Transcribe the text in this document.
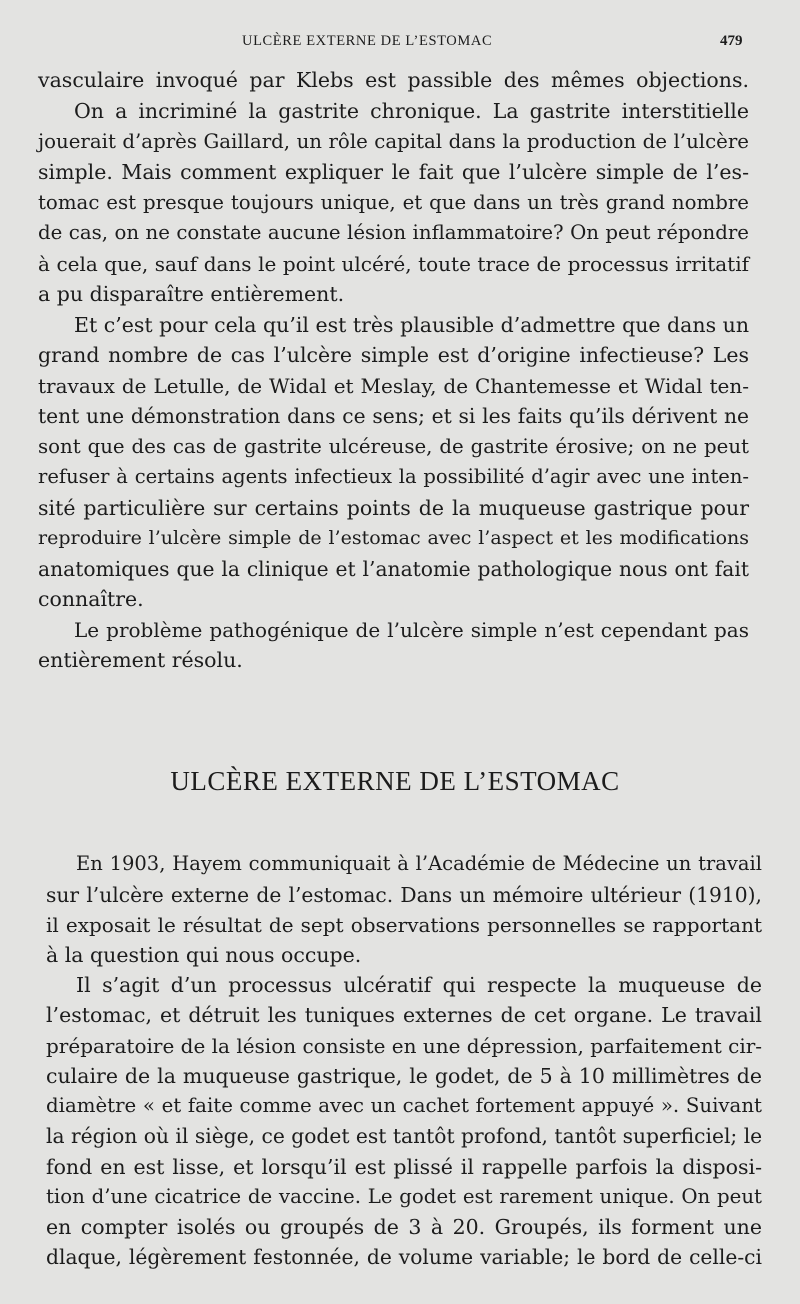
ULCÈRE EXTERNE DE L’ESTOMAC	479
vasculaire invoqué par Klebs est passible des mêmes objections.
On a incriminé la gastrite chronique. La gastrite interstitielle
jouerait d’après Gaillard, un rôle capital dans la production de l’ulcère
simple. Mais comment expliquer le fait que l’ulcère simple de l’es-
tomac est presque toujours unique, et que dans un très grand nombre
de cas, on ne constate aucune lésion inflammatoire? On peut répondre
à cela que, sauf dans le point ulcéré, toute trace de processus irritatif
a pu disparaître entièrement.
Et c’est pour cela qu’il est très plausible d’admettre que dans un
grand nombre de cas l’ulcère simple est d’origine infectieuse? Les
travaux de Letulle, de Widal et Meslay, de Chantemesse et Widal ten-
tent une démonstration dans ce sens; et si les faits qu’ils dérivent ne
sont que des cas de gastrite ulcéreuse, de gastrite érosive; on ne peut
refuser à certains agents infectieux la possibilité d’agir avec une inten-
sité particulière sur certains points de la muqueuse gastrique pour
reproduire l’ulcère simple de l’estomac avec l’aspect et les modifications
anatomiques que la clinique et l’anatomie pathologique nous ont fait
connaître.
Le problème pathogénique de l’ulcère simple n’est cependant pas
entièrement résolu.
ULCÈRE EXTERNE DE L’ESTOMAC
En 1903, Hayem communiquait à l’Académie de Médecine un travail
sur l’ulcère externe de l’estomac. Dans un mémoire ultérieur (1910),
il exposait le résultat de sept observations personnelles se rapportant
à la question qui nous occupe.
Il s’agit d’un processus ulcératif qui respecte la muqueuse de
l’estomac, et détruit les tuniques externes de cet organe. Le travail
préparatoire de la lésion consiste en une dépression, parfaitement cir-
culaire de la muqueuse gastrique, le godet, de 5 à 10 millimètres de
diamètre « et faite comme avec un cachet fortement appuyé ». Suivant
la région où il siège, ce godet est tantôt profond, tantôt superficiel; le
fond en est lisse, et lorsqu’il est plissé il rappelle parfois la disposi-
tion d’une cicatrice de vaccine. Le godet est rarement unique. On peut
en compter isolés ou groupés de 3 à 20. Groupés, ils forment une
dlaque, légèrement festonnée, de volume variable; le bord de celle-ci
